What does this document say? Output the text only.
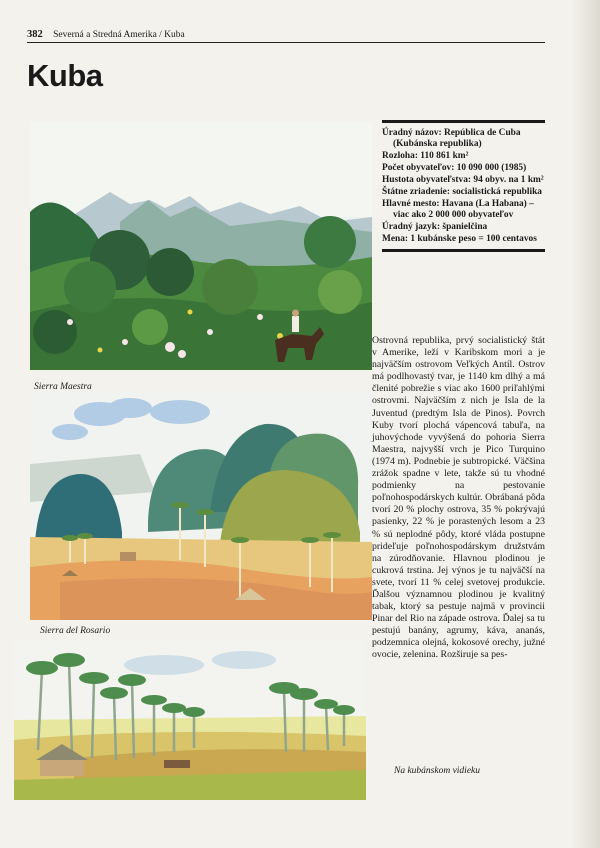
382 Severná a Stredná Amerika / Kuba
Kuba
Sierra Maestra
Sierra del Rosario
Úradný názov: República de Cuba (Kubánska republika)
Rozloha: 110 861 km²
Počet obyvateľov: 10 090 000 (1985)
Hustota obyvateľstva: 94 obyv. na 1 km²
Štátne zriadenie: socialistická republika
Hlavné mesto: Havana (La Habana) – viac ako 2 000 000 obyvateľov
Úradný jazyk: španielčina
Mena: 1 kubánske peso = 100 centavos
Ostrovná republika, prvý socialistický štát v Amerike, leží v Karibskom mori a je najväčším ostrovom Veľkých Antíl. Ostrov má podlhovastý tvar, je 1140 km dlhý a má členité pobrežie s viac ako 1600 priľahlými ostrovmi. Najväčším z nich je Isla de la Juventud (predtým Isla de Pinos). Povrch Kuby tvorí plochá vápencová tabuľa, na juhovýchode vyvýšená do pohoria Sierra Maestra, najvyšší vrch je Pico Turquino (1974 m). Podnebie je subtropické. Väčšina zrážok spadne v lete, takže sú tu vhodné podmienky na pestovanie poľnohospodárskych kultúr. Obrábaná pôda tvorí 20 % plochy ostrova, 35 % pokrývajú pasienky, 22 % je porastených lesom a 23 % sú neplodné pôdy, ktoré vláda postupne prideľuje poľnohospodárskym družstvám na zúrodňovanie. Hlavnou plodinou je cukrová trstina. Jej výnos je tu najväčší na svete, tvorí 11 % celej svetovej produkcie. Ďalšou významnou plodinou je kvalitný tabak, ktorý sa pestuje najmä v provincii Pinar del Rio na západe ostrova. Ďalej sa tu pestujú banány, agrumy, káva, ananás, podzemnica olejná, kokosové orechy, južné ovocie, zelenina. Rozširuje sa pes-
Na kubánskom vidieku
